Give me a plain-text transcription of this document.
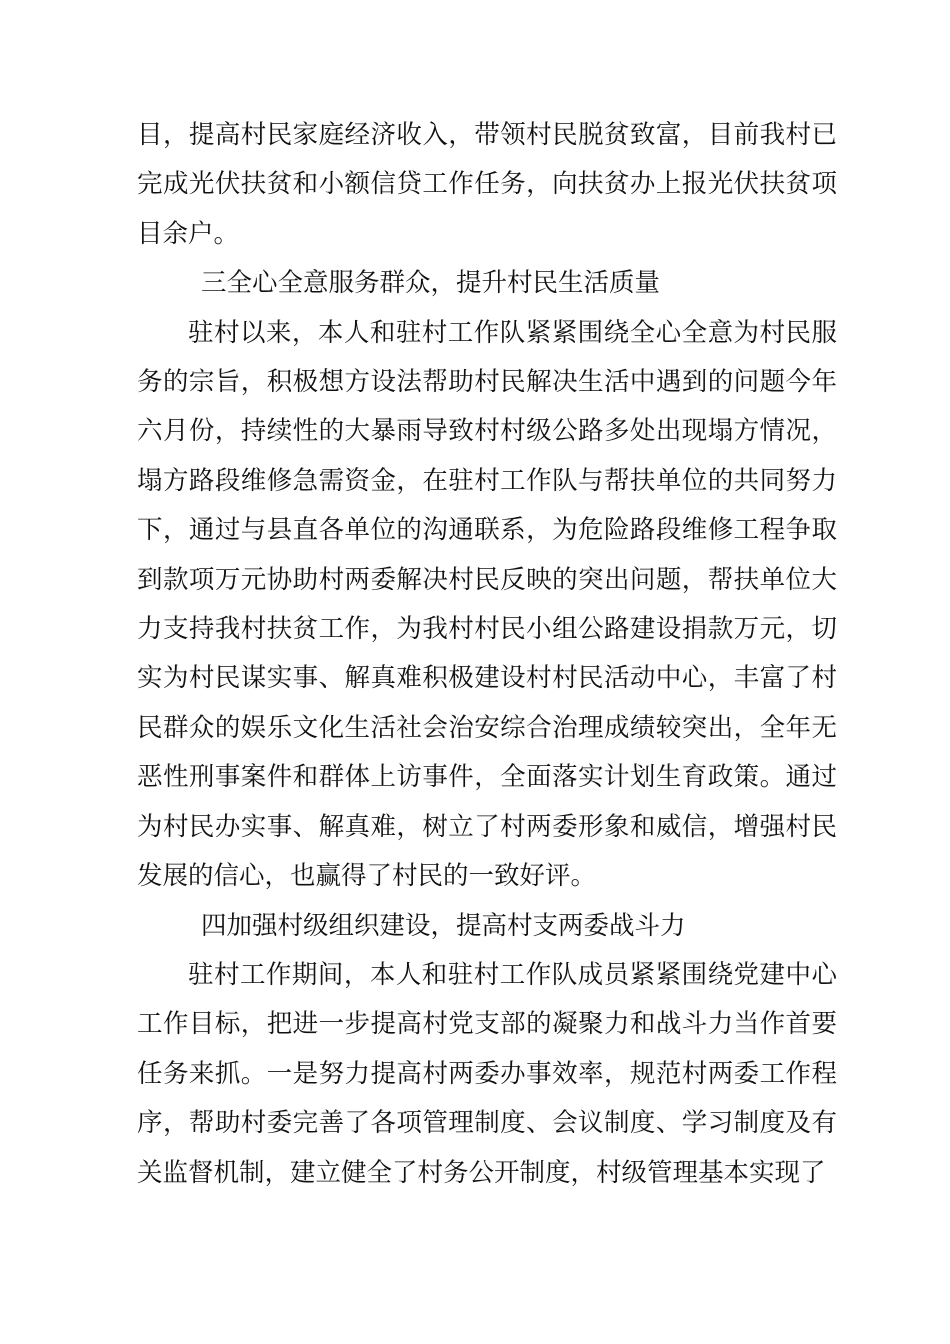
目，提高村民家庭经济收入，带领村民脱贫致富，目前我村已完成光伏扶贫和小额信贷工作任务，向扶贫办上报光伏扶贫项目余户。

三全心全意服务群众，提升村民生活质量

驻村以来，本人和驻村工作队紧紧围绕全心全意为村民服务的宗旨，积极想方设法帮助村民解决生活中遇到的问题今年六月份，持续性的大暴雨导致村村级公路多处出现塌方情况，塌方路段维修急需资金，在驻村工作队与帮扶单位的共同努力下，通过与县直各单位的沟通联系，为危险路段维修工程争取到款项万元协助村两委解决村民反映的突出问题，帮扶单位大力支持我村扶贫工作，为我村村民小组公路建设捐款万元，切实为村民谋实事、解真难积极建设村村民活动中心，丰富了村民群众的娱乐文化生活社会治安综合治理成绩较突出，全年无恶性刑事案件和群体上访事件，全面落实计划生育政策。通过为村民办实事、解真难，树立了村两委形象和威信，增强村民发展的信心，也赢得了村民的一致好评。

四加强村级组织建设，提高村支两委战斗力

驻村工作期间，本人和驻村工作队成员紧紧围绕党建中心工作目标，把进一步提高村党支部的凝聚力和战斗力当作首要任务来抓。一是努力提高村两委办事效率，规范村两委工作程序，帮助村委完善了各项管理制度、会议制度、学习制度及有关监督机制，建立健全了村务公开制度，村级管理基本实现了
